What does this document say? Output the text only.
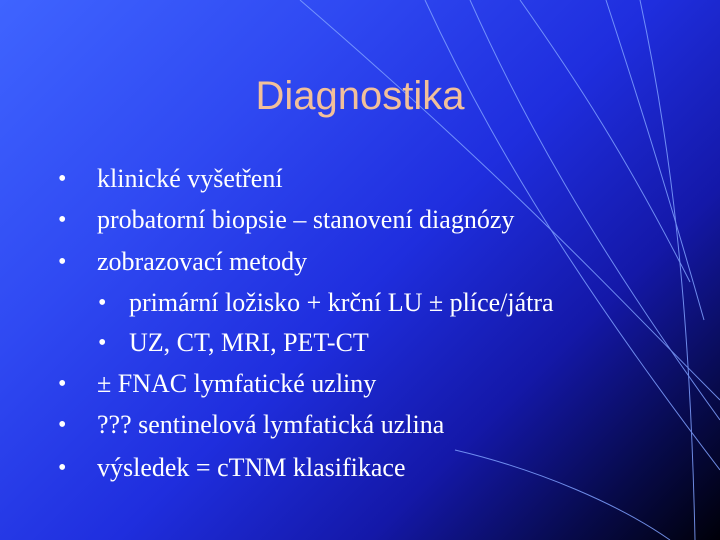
Diagnostika
• klinické vyšetření
• probatorní biopsie – stanovení diagnózy
• zobrazovací metody
• primární ložisko + krční LU ± plíce/játra
• UZ, CT, MRI, PET-CT
• ± FNAC lymfatické uzliny
• ??? sentinelová lymfatická uzlina
• výsledek = cTNM klasifikace
